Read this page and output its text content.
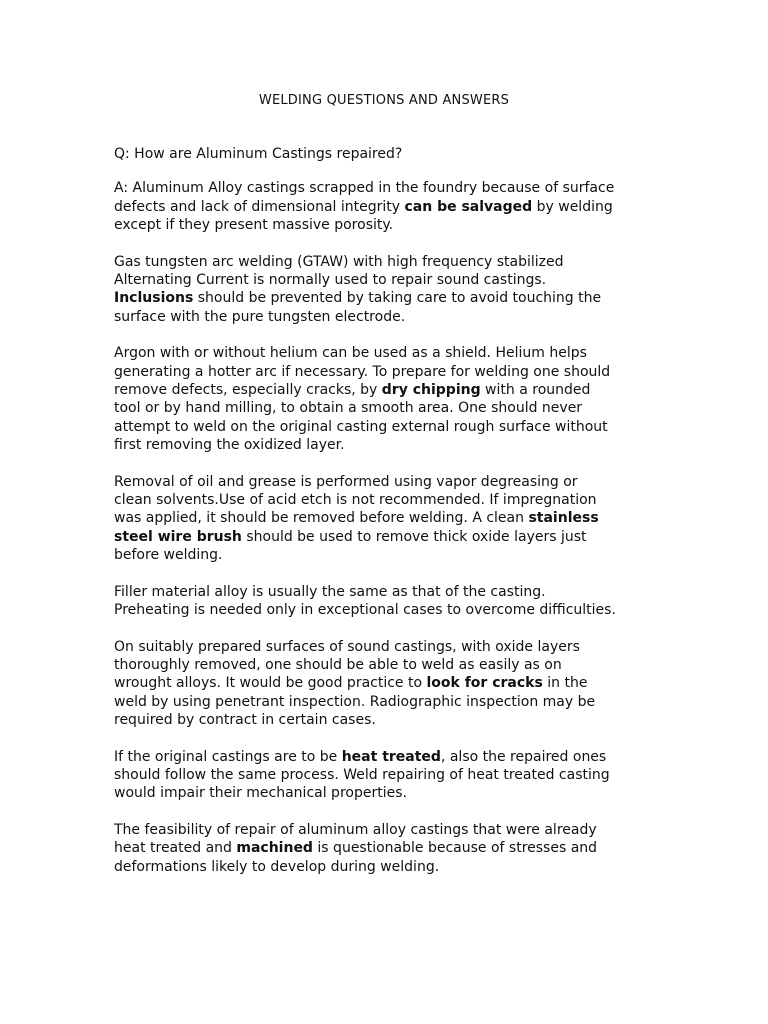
WELDING QUESTIONS AND ANSWERS

Q: How are Aluminum Castings repaired?

A: Aluminum Alloy castings scrapped in the foundry because of surface
defects and lack of dimensional integrity can be salvaged by welding
except if they present massive porosity.

Gas tungsten arc welding (GTAW) with high frequency stabilized
Alternating Current is normally used to repair sound castings.
Inclusions should be prevented by taking care to avoid touching the
surface with the pure tungsten electrode.

Argon with or without helium can be used as a shield. Helium helps
generating a hotter arc if necessary. To prepare for welding one should
remove defects, especially cracks, by dry chipping with a rounded
tool or by hand milling, to obtain a smooth area. One should never
attempt to weld on the original casting external rough surface without
first removing the oxidized layer.

Removal of oil and grease is performed using vapor degreasing or
clean solvents.Use of acid etch is not recommended. If impregnation
was applied, it should be removed before welding. A clean stainless
steel wire brush should be used to remove thick oxide layers just
before welding.

Filler material alloy is usually the same as that of the casting.
Preheating is needed only in exceptional cases to overcome difficulties.

On suitably prepared surfaces of sound castings, with oxide layers
thoroughly removed, one should be able to weld as easily as on
wrought alloys. It would be good practice to look for cracks in the
weld by using penetrant inspection. Radiographic inspection may be
required by contract in certain cases.

If the original castings are to be heat treated, also the repaired ones
should follow the same process. Weld repairing of heat treated casting
would impair their mechanical properties.

The feasibility of repair of aluminum alloy castings that were already
heat treated and machined is questionable because of stresses and
deformations likely to develop during welding.
